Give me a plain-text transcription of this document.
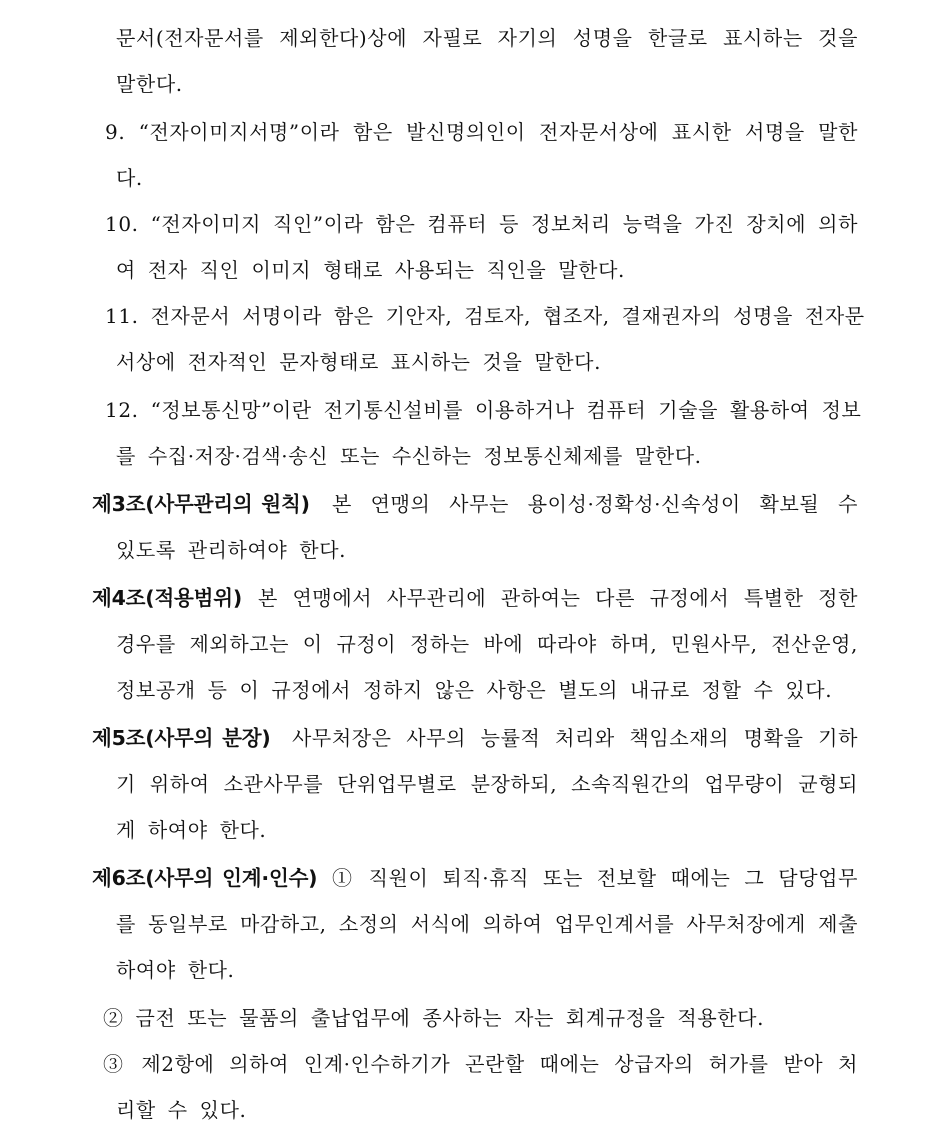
문서(전자문서를 제외한다)상에 자필로 자기의 성명을 한글로 표시하는 것을
말한다.
9. “전자이미지서명”이라 함은 발신명의인이 전자문서상에 표시한 서명을 말한
다.
10. “전자이미지 직인”이라 함은 컴퓨터 등 정보처리 능력을 가진 장치에 의하
여 전자 직인 이미지 형태로 사용되는 직인을 말한다.
11. 전자문서 서명이라 함은 기안자, 검토자, 협조자, 결재권자의 성명을 전자문
서상에 전자적인 문자형태로 표시하는 것을 말한다.
12. “정보통신망”이란 전기통신설비를 이용하거나 컴퓨터 기술을 활용하여 정보
를 수집·저장·검색·송신 또는 수신하는 정보통신체제를 말한다.
제3조(사무관리의 원칙) 본 연맹의 사무는 용이성·정확성·신속성이 확보될 수
있도록 관리하여야 한다.
제4조(적용범위) 본 연맹에서 사무관리에 관하여는 다른 규정에서 특별한 정한
경우를 제외하고는 이 규정이 정하는 바에 따라야 하며, 민원사무, 전산운영,
정보공개 등 이 규정에서 정하지 않은 사항은 별도의 내규로 정할 수 있다.
제5조(사무의 분장) 사무처장은 사무의 능률적 처리와 책임소재의 명확을 기하
기 위하여 소관사무를 단위업무별로 분장하되, 소속직원간의 업무량이 균형되
게 하여야 한다.
제6조(사무의 인계·인수) ① 직원이 퇴직·휴직 또는 전보할 때에는 그 담당업무
를 동일부로 마감하고, 소정의 서식에 의하여 업무인계서를 사무처장에게 제출
하여야 한다.
② 금전 또는 물품의 출납업무에 종사하는 자는 회계규정을 적용한다.
③ 제2항에 의하여 인계·인수하기가 곤란할 때에는 상급자의 허가를 받아 처
리할 수 있다.
